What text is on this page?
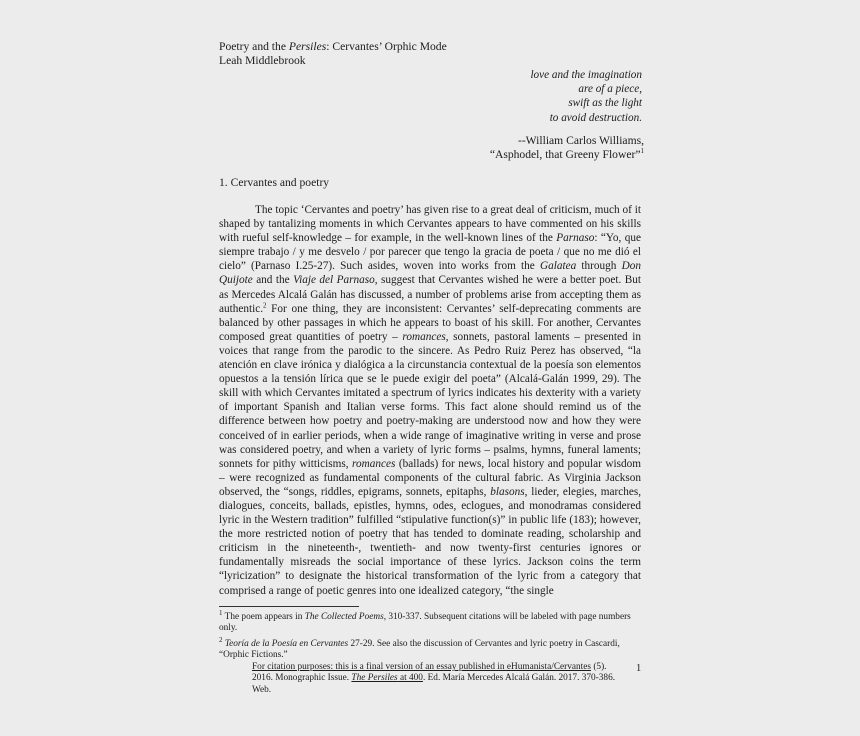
Poetry and the Persiles: Cervantes’ Orphic Mode
Leah Middlebrook
love and the imagination
are of a piece,
swift as the light
to avoid destruction.
--William Carlos Williams,
“Asphodel, that Greeny Flower”$^1$
1. Cervantes and poetry
The topic ‘Cervantes and poetry’ has given rise to a great deal of criticism, much of it shaped by tantalizing moments in which Cervantes appears to have commented on his skills with rueful self-knowledge – for example, in the well-known lines of the Parnaso: “Yo, que siempre trabajo / y me desvelo / por parecer que tengo la gracia de poeta / que no me dió el cielo” (Parnaso I.25-27). Such asides, woven into works from the Galatea through Don Quijote and the Viaje del Parnaso, suggest that Cervantes wished he were a better poet. But as Mercedes Alcalá Galán has discussed, a number of problems arise from accepting them as authentic.$^2$ For one thing, they are inconsistent: Cervantes’ self-deprecating comments are balanced by other passages in which he appears to boast of his skill. For another, Cervantes composed great quantities of poetry – romances, sonnets, pastoral laments – presented in voices that range from the parodic to the sincere. As Pedro Ruiz Perez has observed, “la atención en clave irónica y dialógica a la circunstancia contextual de la poesía son elementos opuestos a la tensión lírica que se le puede exigir del poeta” (Alcalá-Galán 1999, 29). The skill with which Cervantes imitated a spectrum of lyrics indicates his dexterity with a variety of important Spanish and Italian verse forms. This fact alone should remind us of the difference between how poetry and poetry-making are understood now and how they were conceived of in earlier periods, when a wide range of imaginative writing in verse and prose was considered poetry, and when a variety of lyric forms – psalms, hymns, funeral laments; sonnets for pithy witticisms, romances (ballads) for news, local history and popular wisdom – were recognized as fundamental components of the cultural fabric. As Virginia Jackson observed, the “songs, riddles, epigrams, sonnets, epitaphs, blasons, lieder, elegies, marches, dialogues, conceits, ballads, epistles, hymns, odes, eclogues, and monodramas considered lyric in the Western tradition” fulfilled “stipulative function(s)” in public life (183); however, the more restricted notion of poetry that has tended to dominate reading, scholarship and criticism in the nineteenth-, twentieth- and now twenty-first centuries ignores or fundamentally misreads the social importance of these lyrics. Jackson coins the term “lyricization” to designate the historical transformation of the lyric from a category that comprised a range of poetic genres into one idealized category, “the single

$^1$ The poem appears in The Collected Poems, 310-337. Subsequent citations will be labeled with page numbers only.

$^2$ Teoría de la Poesía en Cervantes 27-29. See also the discussion of Cervantes and lyric poetry in Cascardi, “Orphic Fictions.”

For citation purposes: this is a final version of an essay published in eHumanista/Cervantes (5). 2016. Monographic Issue. The Persiles at 400. Ed. María Mercedes Alcalá Galán. 2017. 370-386. Web.
1
